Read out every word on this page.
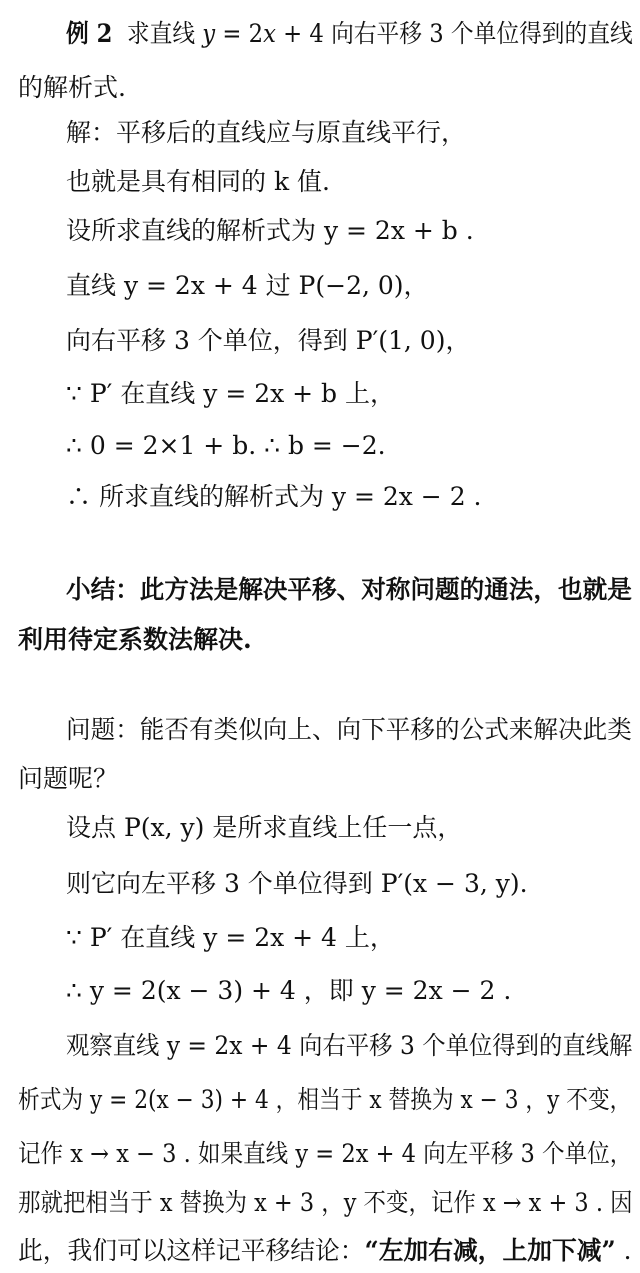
例 2  求直线 y = 2x + 4 向右平移 3 个单位得到的直线
的解析式.
解：平移后的直线应与原直线平行，
也就是具有相同的 k 值.
设所求直线的解析式为 y = 2x + b .
直线 y = 2x + 4 过 P(−2, 0)，
向右平移 3 个单位，得到 P′(1, 0)，
∵ P′ 在直线 y = 2x + b 上，
∴ 0 = 2×1 + b. ∴ b = −2.
∴ 所求直线的解析式为 y = 2x − 2 .
小结：此方法是解决平移、对称问题的通法，也就是
利用待定系数法解决.
问题：能否有类似向上、向下平移的公式来解决此类
问题呢？
设点 P(x, y) 是所求直线上任一点，
则它向左平移 3 个单位得到 P′(x − 3, y).
∵ P′ 在直线 y = 2x + 4 上，
∴ y = 2(x − 3) + 4 ，即 y = 2x − 2 .
观察直线 y = 2x + 4 向右平移 3 个单位得到的直线解
析式为 y = 2(x − 3) + 4 ，相当于 x 替换为 x − 3 ，y 不变，
记作 x → x − 3 . 如果直线 y = 2x + 4 向左平移 3 个单位，
那就把相当于 x 替换为 x + 3 ，y 不变，记作 x → x + 3 . 因
此，我们可以这样记平移结论：“左加右减，上加下减” .
